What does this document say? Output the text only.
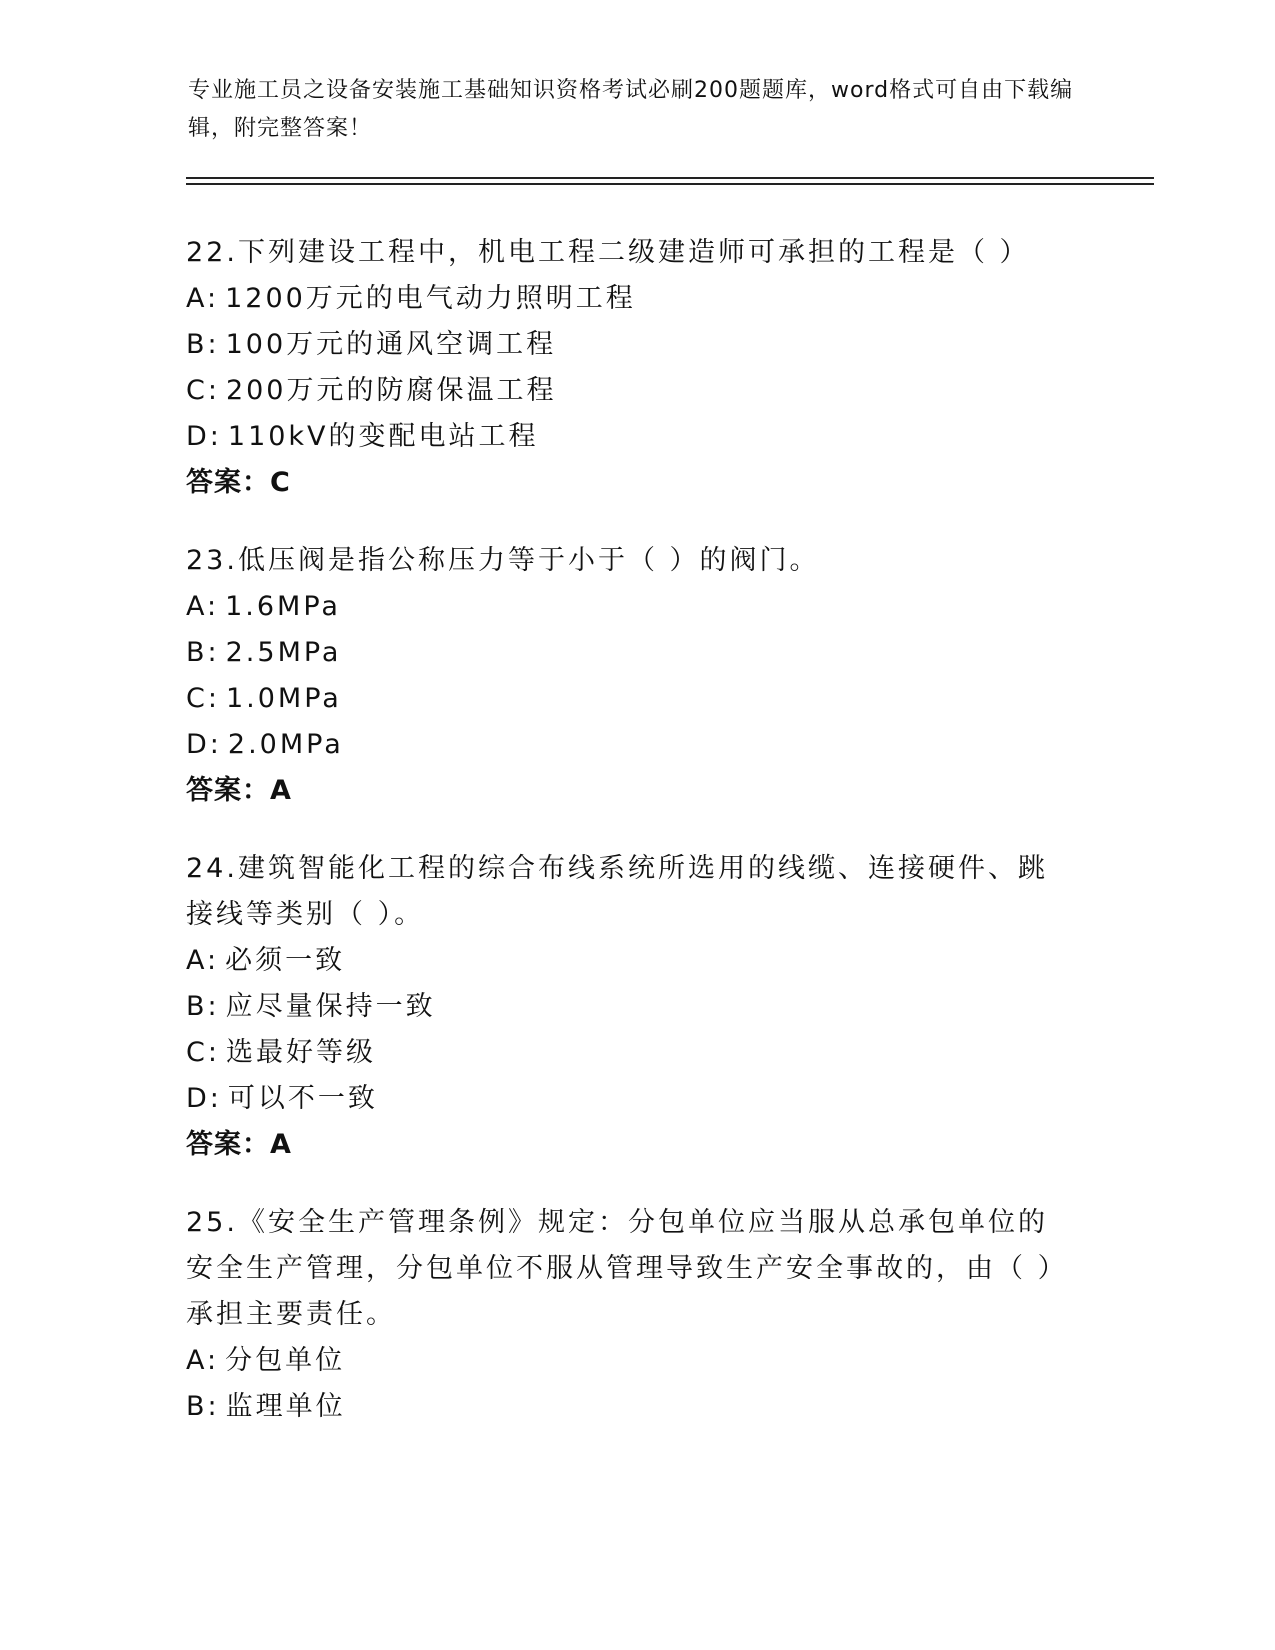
专业施工员之设备安装施工基础知识资格考试必刷200题题库，word格式可自由下载编辑，附完整答案！

22.下列建设工程中，机电工程二级建造师可承担的工程是（ ）

A: 1200万元的电气动力照明工程

B: 100万元的通风空调工程

C: 200万元的防腐保温工程

D: 110kV的变配电站工程

答案：C

23.低压阀是指公称压力等于小于（ ）的阀门。

A: 1.6MPa

B: 2.5MPa

C: 1.0MPa

D: 2.0MPa

答案：A

24.建筑智能化工程的综合布线系统所选用的线缆、连接硬件、跳接线等类别（ ）。

A: 必须一致

B: 应尽量保持一致

C: 选最好等级

D: 可以不一致

答案：A

25.《安全生产管理条例》规定：分包单位应当服从总承包单位的安全生产管理，分包单位不服从管理导致生产安全事故的，由（ ）承担主要责任。

A: 分包单位

B: 监理单位
